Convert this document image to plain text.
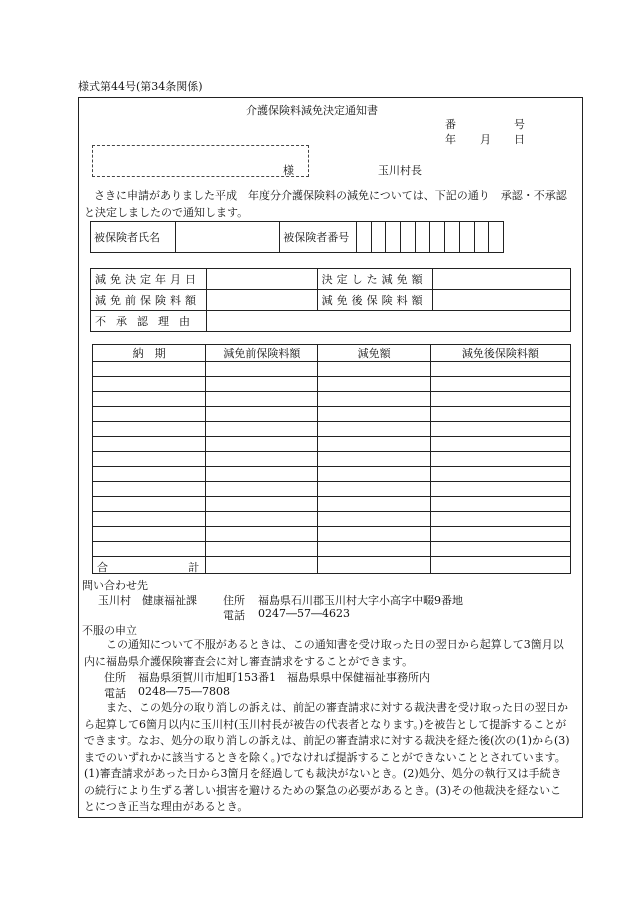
様式第44号(第34条関係)
介護保険料減免決定通知書
番	号
年 月 日
様	玉川村長

さきに申請がありました平成　年度分介護保険料の減免については、下記の通り　承認・不承認　と決定しましたので通知します。

被保険者氏名		被保険者番号										
減免決定年月日		決定した減免額	
減免前保険料額		減免後保険料額	
不承認理由			
納　期	減免前保険料額	減免額	減免後保険料額

合 計			

問い合わせ先
玉川村　健康福祉課 住所 福島県石川郡玉川村大字小高字中畷9番地
電話 0247―57―4623
不服の申立

この通知について不服があるときは、この通知書を受け取った日の翌日から起算して3箇月以内に福島県介護保険審査会に対し審査請求をすることができます。

住所 福島県須賀川市旭町153番1　福島県県中保健福祉事務所内
電話 0248―75―7808

また、この処分の取り消しの訴えは、前記の審査請求に対する裁決書を受け取った日の翌日から起算して6箇月以内に玉川村(玉川村長が被告の代表者となります。)を被告として提訴することができます。なお、処分の取り消しの訴えは、前記の審査請求に対する裁決を経た後(次の(1)から(3)までのいずれかに該当するときを除く。)でなければ提訴することができないこととされています。(1)審査請求があった日から3箇月を経過しても裁決がないとき。(2)処分、処分の執行又は手続きの続行により生ずる著しい損害を避けるための緊急の必要があるとき。(3)その他裁決を経ないことにつき正当な理由があるとき。
